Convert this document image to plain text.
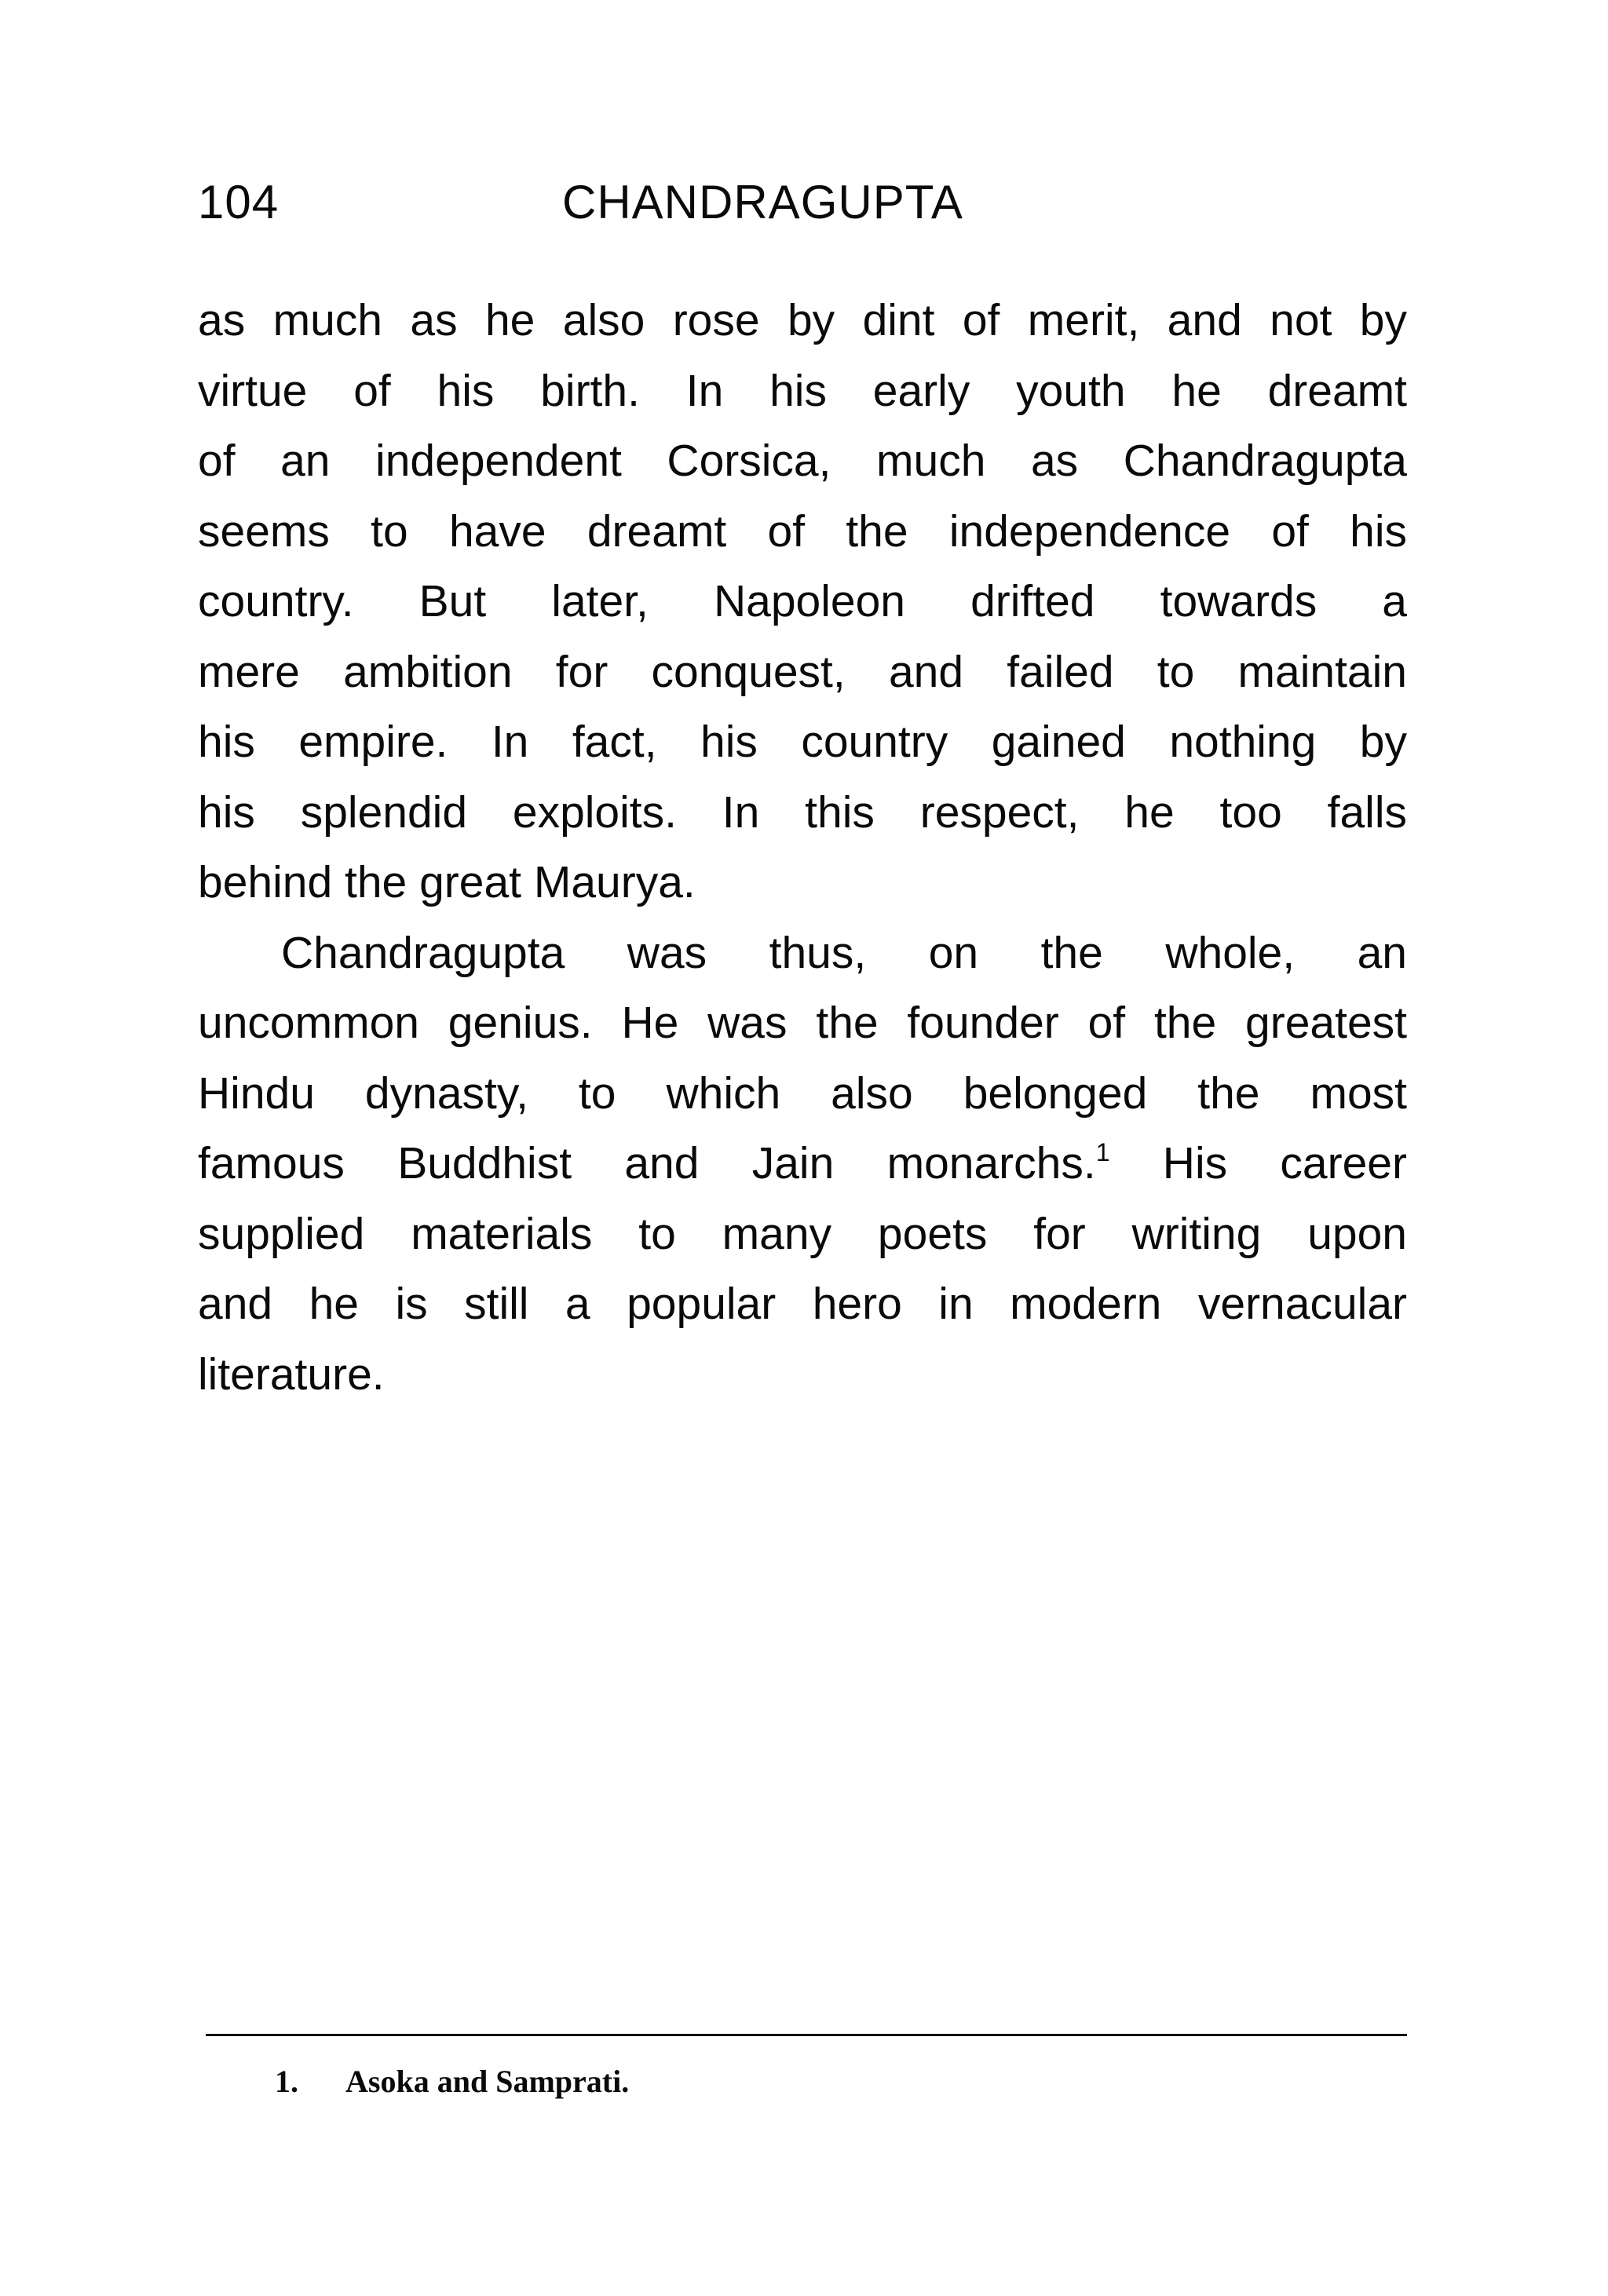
104	CHANDRAGUPTA
as much as he also rose by dint of merit, and not by
virtue of his birth. In his early youth he dreamt
of an independent Corsica, much as Chandragupta
seems to have dreamt of the independence of his
country. But later, Napoleon drifted towards a
mere ambition for conquest, and failed to maintain
his empire. In fact, his country gained nothing by
his splendid exploits. In this respect, he too falls
behind the great Maurya.
Chandragupta was thus, on the whole, an
uncommon genius. He was the founder of the greatest
Hindu dynasty, to which also belonged the most
famous Buddhist and Jain monarchs.$^1$ His career
supplied materials to many poets for writing upon
and he is still a popular hero in modern vernacular
literature.
1. Asoka and Samprati.
